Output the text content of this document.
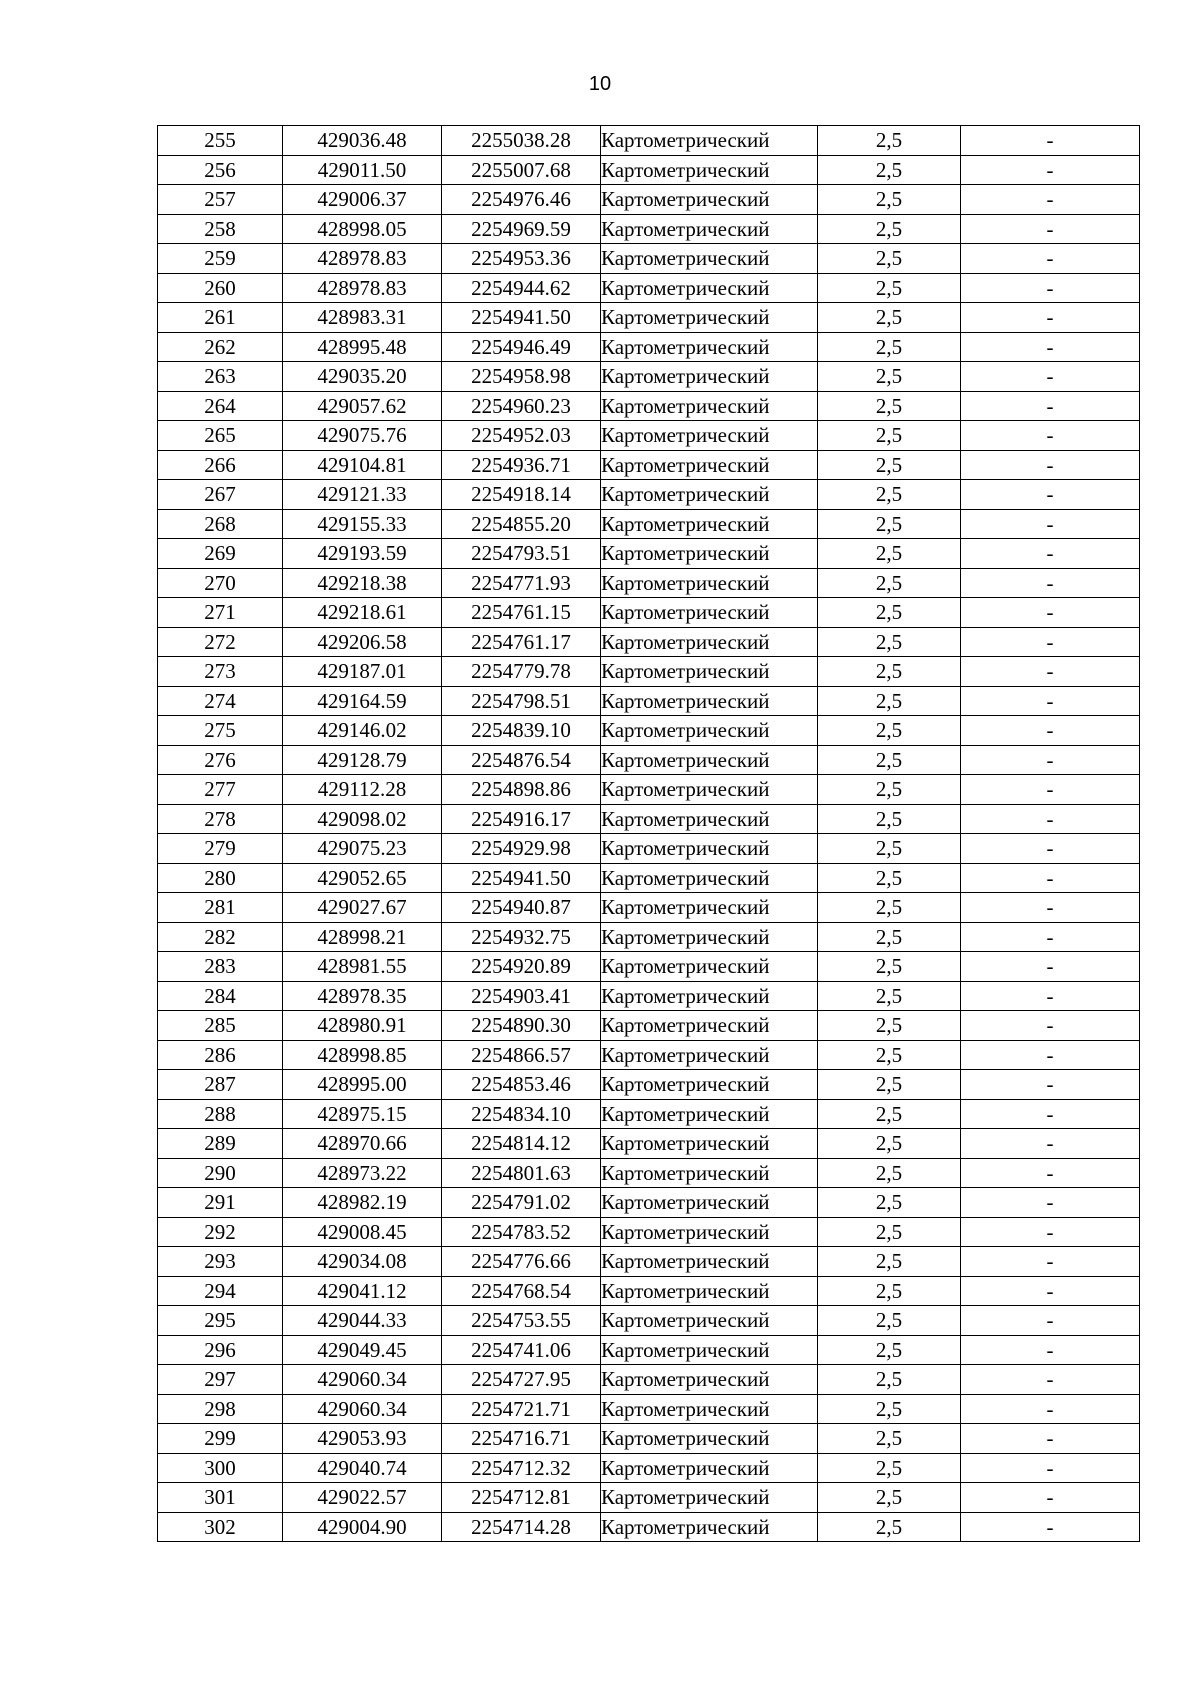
10
255	429036.48	2255038.28	Картометрический	2,5	-
256	429011.50	2255007.68	Картометрический	2,5	-
257	429006.37	2254976.46	Картометрический	2,5	-
258	428998.05	2254969.59	Картометрический	2,5	-
259	428978.83	2254953.36	Картометрический	2,5	-
260	428978.83	2254944.62	Картометрический	2,5	-
261	428983.31	2254941.50	Картометрический	2,5	-
262	428995.48	2254946.49	Картометрический	2,5	-
263	429035.20	2254958.98	Картометрический	2,5	-
264	429057.62	2254960.23	Картометрический	2,5	-
265	429075.76	2254952.03	Картометрический	2,5	-
266	429104.81	2254936.71	Картометрический	2,5	-
267	429121.33	2254918.14	Картометрический	2,5	-
268	429155.33	2254855.20	Картометрический	2,5	-
269	429193.59	2254793.51	Картометрический	2,5	-
270	429218.38	2254771.93	Картометрический	2,5	-
271	429218.61	2254761.15	Картометрический	2,5	-
272	429206.58	2254761.17	Картометрический	2,5	-
273	429187.01	2254779.78	Картометрический	2,5	-
274	429164.59	2254798.51	Картометрический	2,5	-
275	429146.02	2254839.10	Картометрический	2,5	-
276	429128.79	2254876.54	Картометрический	2,5	-
277	429112.28	2254898.86	Картометрический	2,5	-
278	429098.02	2254916.17	Картометрический	2,5	-
279	429075.23	2254929.98	Картометрический	2,5	-
280	429052.65	2254941.50	Картометрический	2,5	-
281	429027.67	2254940.87	Картометрический	2,5	-
282	428998.21	2254932.75	Картометрический	2,5	-
283	428981.55	2254920.89	Картометрический	2,5	-
284	428978.35	2254903.41	Картометрический	2,5	-
285	428980.91	2254890.30	Картометрический	2,5	-
286	428998.85	2254866.57	Картометрический	2,5	-
287	428995.00	2254853.46	Картометрический	2,5	-
288	428975.15	2254834.10	Картометрический	2,5	-
289	428970.66	2254814.12	Картометрический	2,5	-
290	428973.22	2254801.63	Картометрический	2,5	-
291	428982.19	2254791.02	Картометрический	2,5	-
292	429008.45	2254783.52	Картометрический	2,5	-
293	429034.08	2254776.66	Картометрический	2,5	-
294	429041.12	2254768.54	Картометрический	2,5	-
295	429044.33	2254753.55	Картометрический	2,5	-
296	429049.45	2254741.06	Картометрический	2,5	-
297	429060.34	2254727.95	Картометрический	2,5	-
298	429060.34	2254721.71	Картометрический	2,5	-
299	429053.93	2254716.71	Картометрический	2,5	-
300	429040.74	2254712.32	Картометрический	2,5	-
301	429022.57	2254712.81	Картометрический	2,5	-
302	429004.90	2254714.28	Картометрический	2,5	-
